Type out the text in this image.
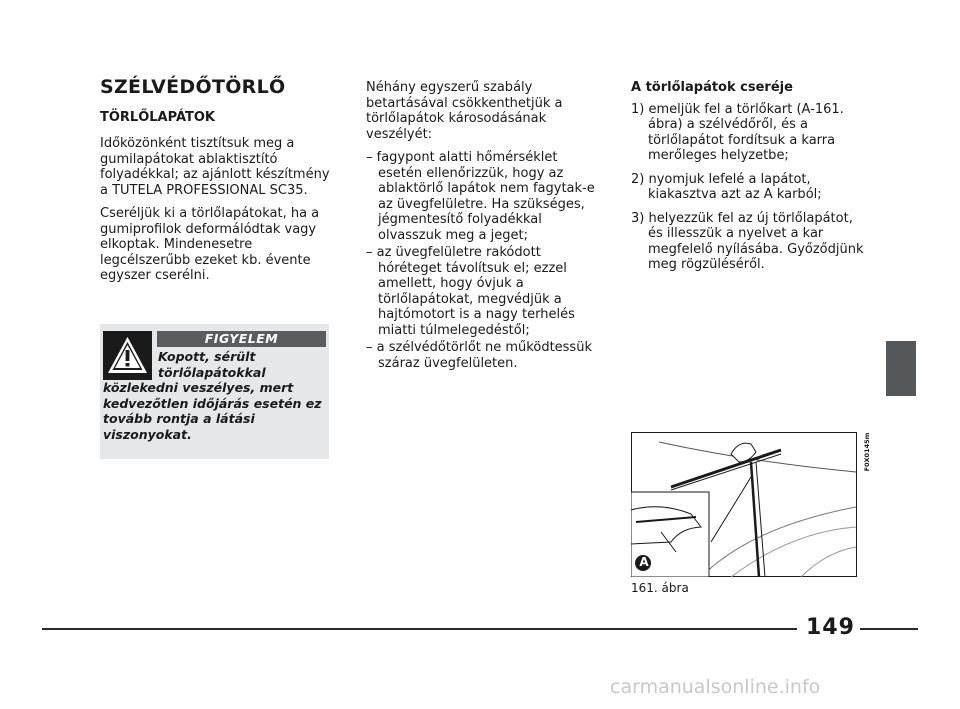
SZÉLVÉDŐTÖRLŐ
TÖRLŐLAPÁTOK

Időközönként tisztítsuk meg a gumilapátokat ablaktisztító folyadékkal; az ajánlott készítmény a TUTELA PROFESSIONAL SC35.

Cseréljük ki a törlőlapátokat, ha a gumiprofilok deformálódtak vagy elkoptak. Mindenesetre legcélszerűbb ezeket kb. évente egyszer cserélni.

FIGYELEM
Kopott, sérült
törlőlapátokkal
közlekedni veszélyes, mert kedvezőtlen időjárás esetén ez tovább rontja a látási viszonyokat.

Néhány egyszerű szabály betartásával csökkenthetjük a törlőlapátok károsodásának veszélyét:

– fagypont alatti hőmérséklet esetén ellenőrizzük, hogy az ablaktörlő lapátok nem fagytak-e az üvegfelületre. Ha szükséges, jégmentesítő folyadékkal olvasszuk meg a jeget;
– az üvegfelületre rakódott hóréteget távolítsuk el; ezzel amellett, hogy óvjuk a törlőlapátokat, megvédjük a hajtómotort is a nagy terhelés miatti túlmelegedéstől;
– a szélvédőtörlőt ne működtessük száraz üvegfelületen.

A törlőlapátok cseréje

1) emeljük fel a törlőkart (A-161. ábra) a szélvédőről, és a törlőlapátot fordítsuk a karra merőleges helyzetbe;
2) nyomjuk lefelé a lapátot, kiakasztva azt az A karból;
3) helyezzük fel az új törlőlapátot, és illesszük a nyelvet a kar megfelelő nyílásába. Győződjünk meg rögzüléséről.
A
F0X0145m
161. ábra
149
carmanualsonline.info
